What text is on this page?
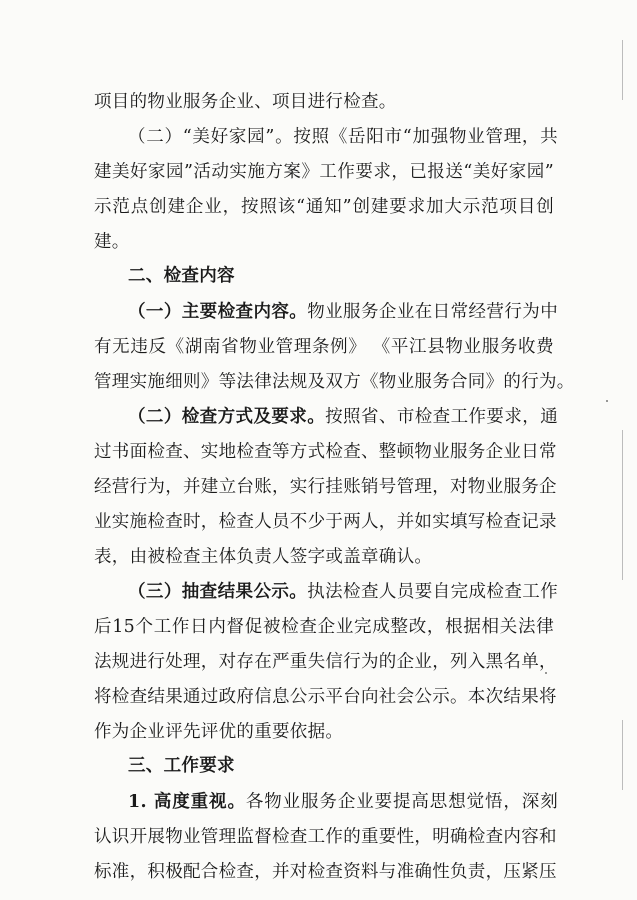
项目的物业服务企业、项目进行检查。
（二）“美好家园”。按照《岳阳市“加强物业管理，共
建美好家园”活动实施方案》工作要求，已报送“美好家园”
示范点创建企业，按照该“通知”创建要求加大示范项目创
建。
二、检查内容
（一）主要检查内容。物业服务企业在日常经营行为中
有无违反《湖南省物业管理条例》 《平江县物业服务收费
管理实施细则》等法律法规及双方《物业服务合同》的行为。
（二）检查方式及要求。按照省、市检查工作要求，通
过书面检查、实地检查等方式检查、整顿物业服务企业日常
经营行为，并建立台账，实行挂账销号管理，对物业服务企
业实施检查时，检查人员不少于两人，并如实填写检查记录
表，由被检查主体负责人签字或盖章确认。
（三）抽查结果公示。执法检查人员要自完成检查工作
后15个工作日内督促被检查企业完成整改，根据相关法律
法规进行处理，对存在严重失信行为的企业，列入黑名单，
将检查结果通过政府信息公示平台向社会公示。本次结果将
作为企业评先评优的重要依据。
三、工作要求
1. 高度重视。各物业服务企业要提高思想觉悟，深刻
认识开展物业管理监督检查工作的重要性，明确检查内容和
标准，积极配合检查，并对检查资料与准确性负责，压紧压
